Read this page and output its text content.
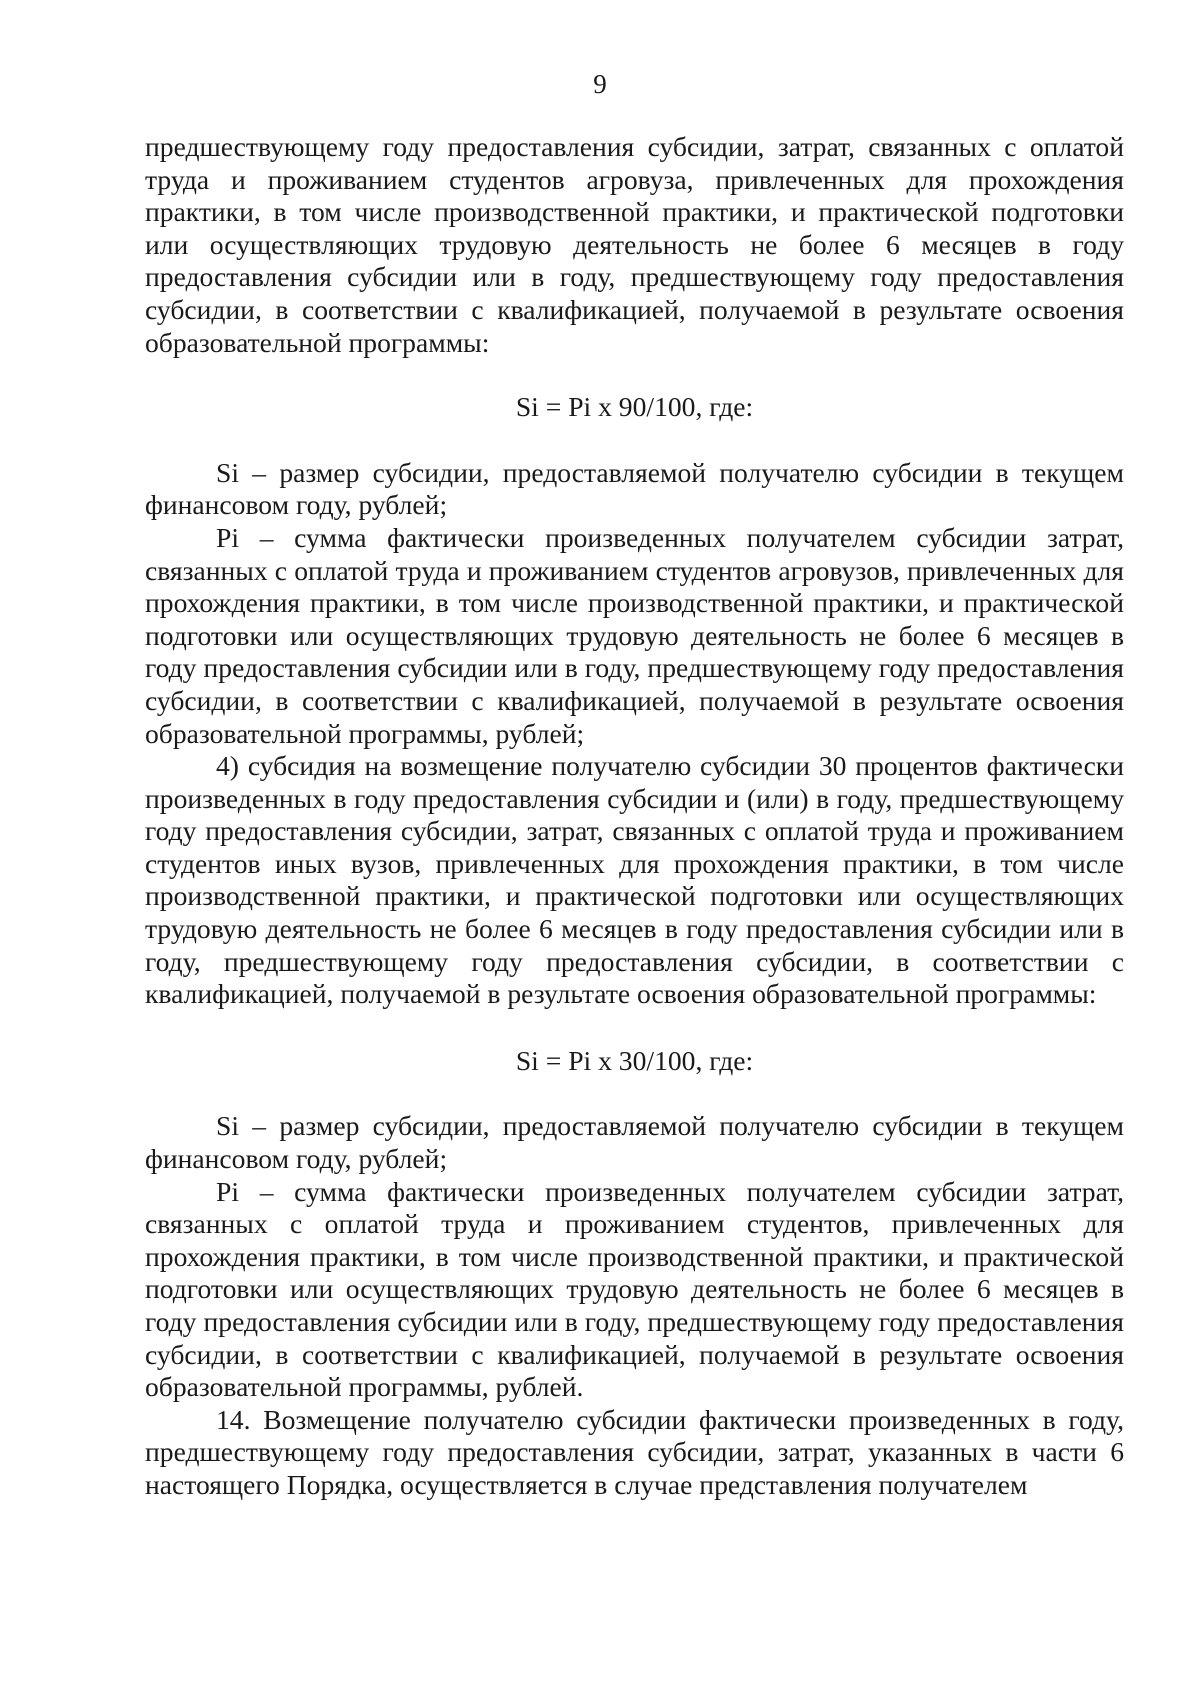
9

предшествующему году предоставления субсидии, затрат, связанных с оплатой труда и проживанием студентов агровуза, привлеченных для прохождения практики, в том числе производственной практики, и практической подготовки или осуществляющих трудовую деятельность не более 6 месяцев в году предоставления субсидии или в году, предшествующему году предоставления субсидии, в соответствии с квалификацией, получаемой в результате освоения образовательной программы:

Si = Pi x 90/100, где:

Si – размер субсидии, предоставляемой получателю субсидии в текущем финансовом году, рублей;

Pi – сумма фактически произведенных получателем субсидии затрат, связанных с оплатой труда и проживанием студентов агровузов, привлеченных для прохождения практики, в том числе производственной практики, и практической подготовки или осуществляющих трудовую деятельность не более 6 месяцев в году предоставления субсидии или в году, предшествующему году предоставления субсидии, в соответствии с квалификацией, получаемой в результате освоения образовательной программы, рублей;

4) субсидия на возмещение получателю субсидии 30 процентов фактически произведенных в году предоставления субсидии и (или) в году, предшествующему году предоставления субсидии, затрат, связанных с оплатой труда и проживанием студентов иных вузов, привлеченных для прохождения практики, в том числе производственной практики, и практической подготовки или осуществляющих трудовую деятельность не более 6 месяцев в году предоставления субсидии или в году, предшествующему году предоставления субсидии, в соответствии с квалификацией, получаемой в результате освоения образовательной программы:

Si = Pi x 30/100, где:

Si – размер субсидии, предоставляемой получателю субсидии в текущем финансовом году, рублей;

Pi – сумма фактически произведенных получателем субсидии затрат, связанных с оплатой труда и проживанием студентов, привлеченных для прохождения практики, в том числе производственной практики, и практической подготовки или осуществляющих трудовую деятельность не более 6 месяцев в году предоставления субсидии или в году, предшествующему году предоставления субсидии, в соответствии с квалификацией, получаемой в результате освоения образовательной программы, рублей.

14. Возмещение получателю субсидии фактически произведенных в году, предшествующему году предоставления субсидии, затрат, указанных в части 6 настоящего Порядка, осуществляется в случае представления получателем
